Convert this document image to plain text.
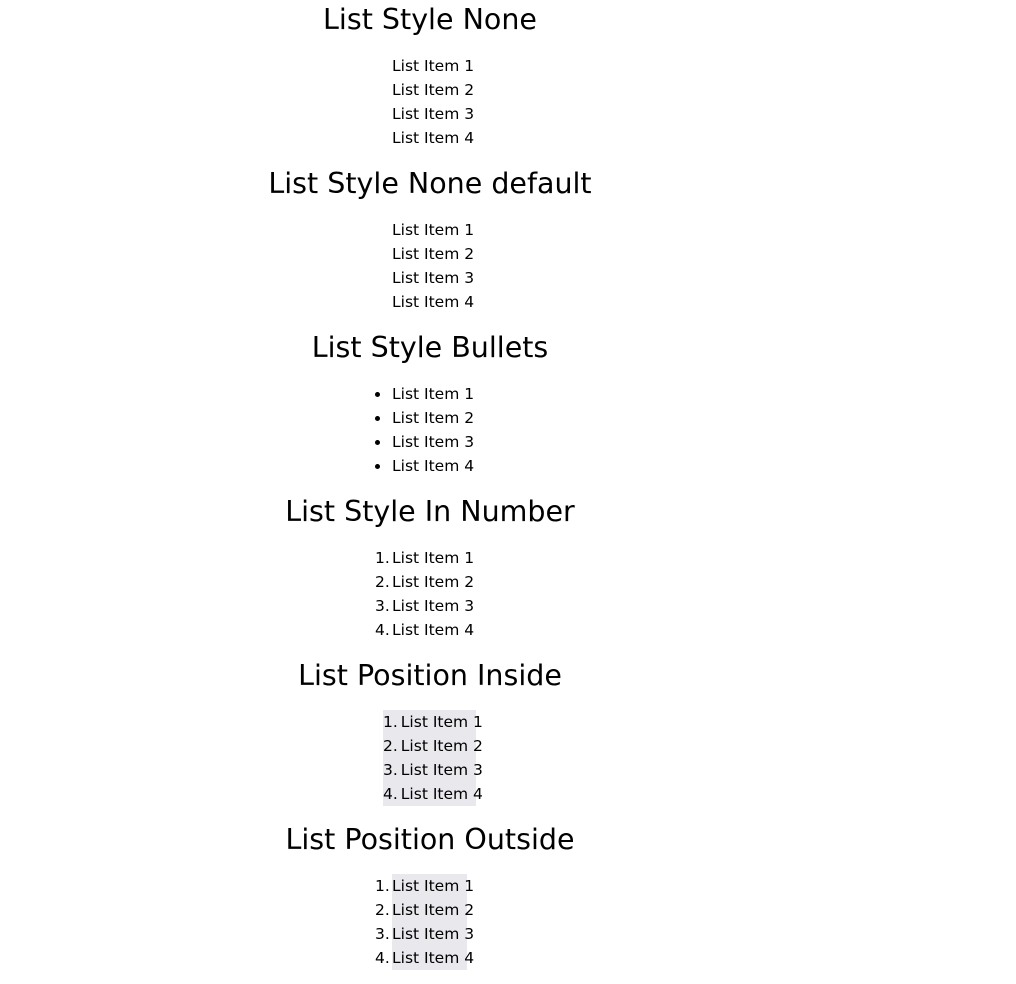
List Style None
List Item 1
List Item 2
List Item 3
List Item 4
List Style None default
List Item 1
List Item 2
List Item 3
List Item 4
List Style Bullets
List Item 1
List Item 2
List Item 3
List Item 4
List Style In Number
1. List Item 1
2. List Item 2
3. List Item 3
4. List Item 4
List Position Inside
1. List Item 1
2. List Item 2
3. List Item 3
4. List Item 4
List Position Outside
1. List Item 1
2. List Item 2
3. List Item 3
4. List Item 4
